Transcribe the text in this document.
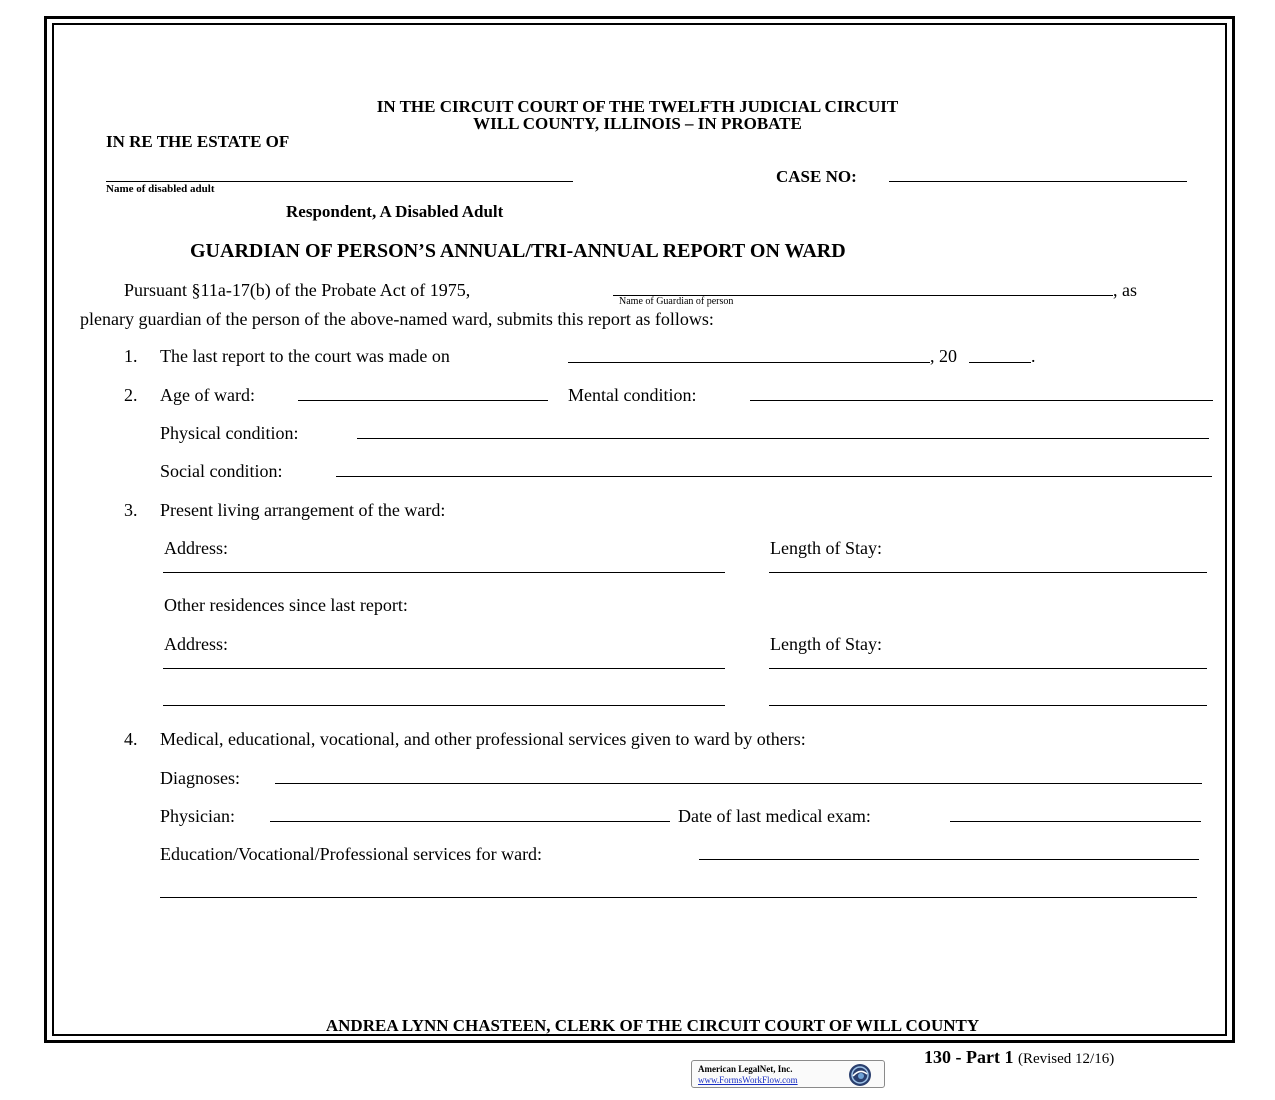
IN THE CIRCUIT COURT OF THE TWELFTH JUDICIAL CIRCUIT
WILL COUNTY, ILLINOIS – IN PROBATE
IN RE THE ESTATE OF
Name of disabled adult
CASE NO:
Respondent, A Disabled Adult
GUARDIAN OF PERSON’S ANNUAL/TRI-ANNUAL REPORT ON WARD
Pursuant §11a-17(b) of the Probate Act of 1975,	, as
Name of Guardian of person
plenary guardian of the person of the above-named ward, submits this report as follows:
1. The last report to the court was made on	, 20	.
2. Age of ward:	Mental condition:
Physical condition:
Social condition:
3. Present living arrangement of the ward:
Address:	Length of Stay:
Other residences since last report:
Address:	Length of Stay:
4. Medical, educational, vocational, and other professional services given to ward by others:
Diagnoses:
Physician:	Date of last medical exam:
Education/Vocational/Professional services for ward:
ANDREA LYNN CHASTEEN, CLERK OF THE CIRCUIT COURT OF WILL COUNTY
130 - Part 1 (Revised 12/16)
American LegalNet, Inc.
www.FormsWorkFlow.com
